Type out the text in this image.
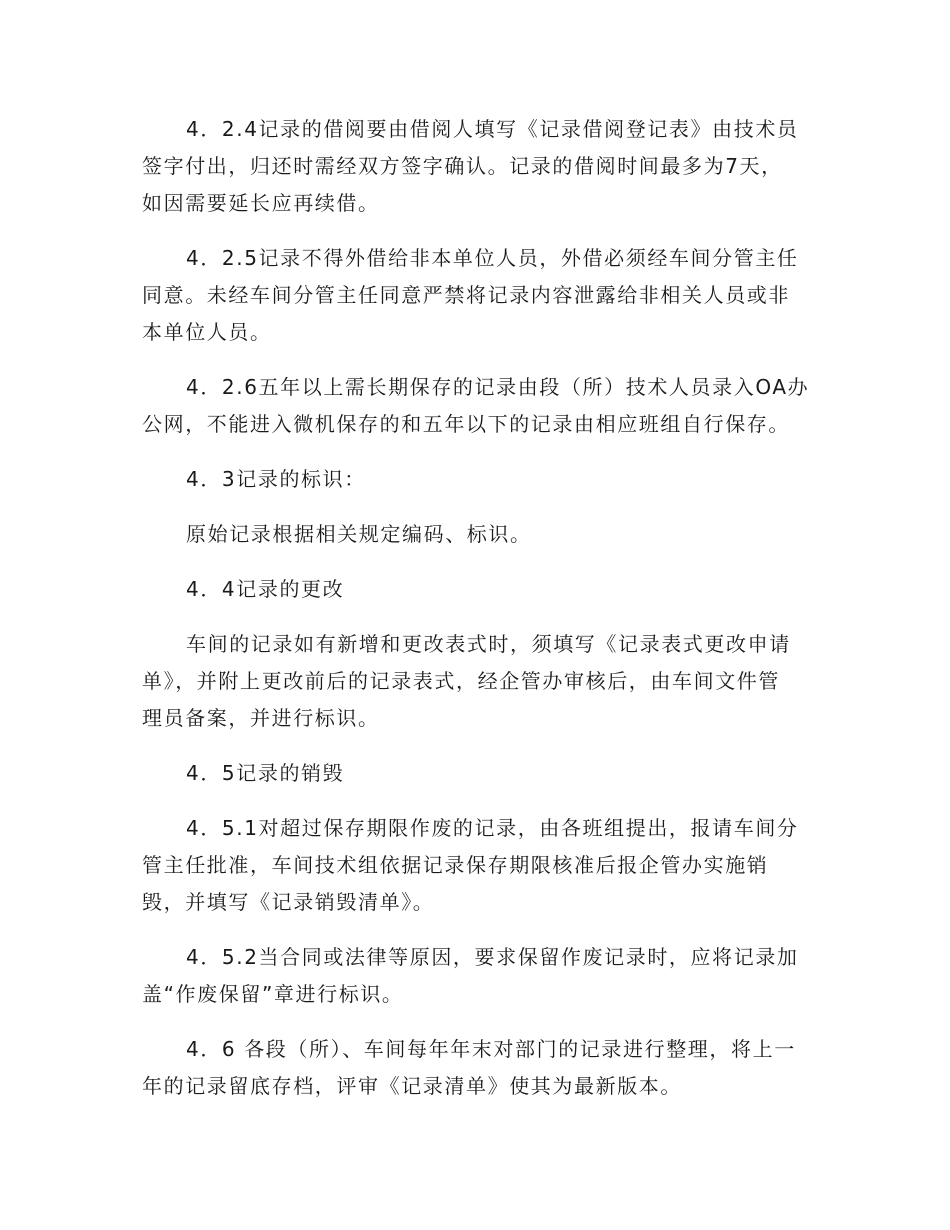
4．2.4记录的借阅要由借阅人填写《记录借阅登记表》由技术员
签字付出，归还时需经双方签字确认。记录的借阅时间最多为7天，
如因需要延长应再续借。

4．2.5记录不得外借给非本单位人员，外借必须经车间分管主任
同意。未经车间分管主任同意严禁将记录内容泄露给非相关人员或非
本单位人员。

4．2.6五年以上需长期保存的记录由段（所）技术人员录入OA办
公网，不能进入微机保存的和五年以下的记录由相应班组自行保存。

4．3记录的标识：

原始记录根据相关规定编码、标识。

4．4记录的更改

车间的记录如有新增和更改表式时，须填写《记录表式更改申请
单》，并附上更改前后的记录表式，经企管办审核后，由车间文件管
理员备案，并进行标识。

4．5记录的销毁

4．5.1对超过保存期限作废的记录，由各班组提出，报请车间分
管主任批准，车间技术组依据记录保存期限核准后报企管办实施销
毁，并填写《记录销毁清单》。

4．5.2当合同或法律等原因，要求保留作废记录时，应将记录加
盖“作废保留”章进行标识。

4．6 各段（所）、车间每年年末对部门的记录进行整理，将上一
年的记录留底存档，评审《记录清单》使其为最新版本。
